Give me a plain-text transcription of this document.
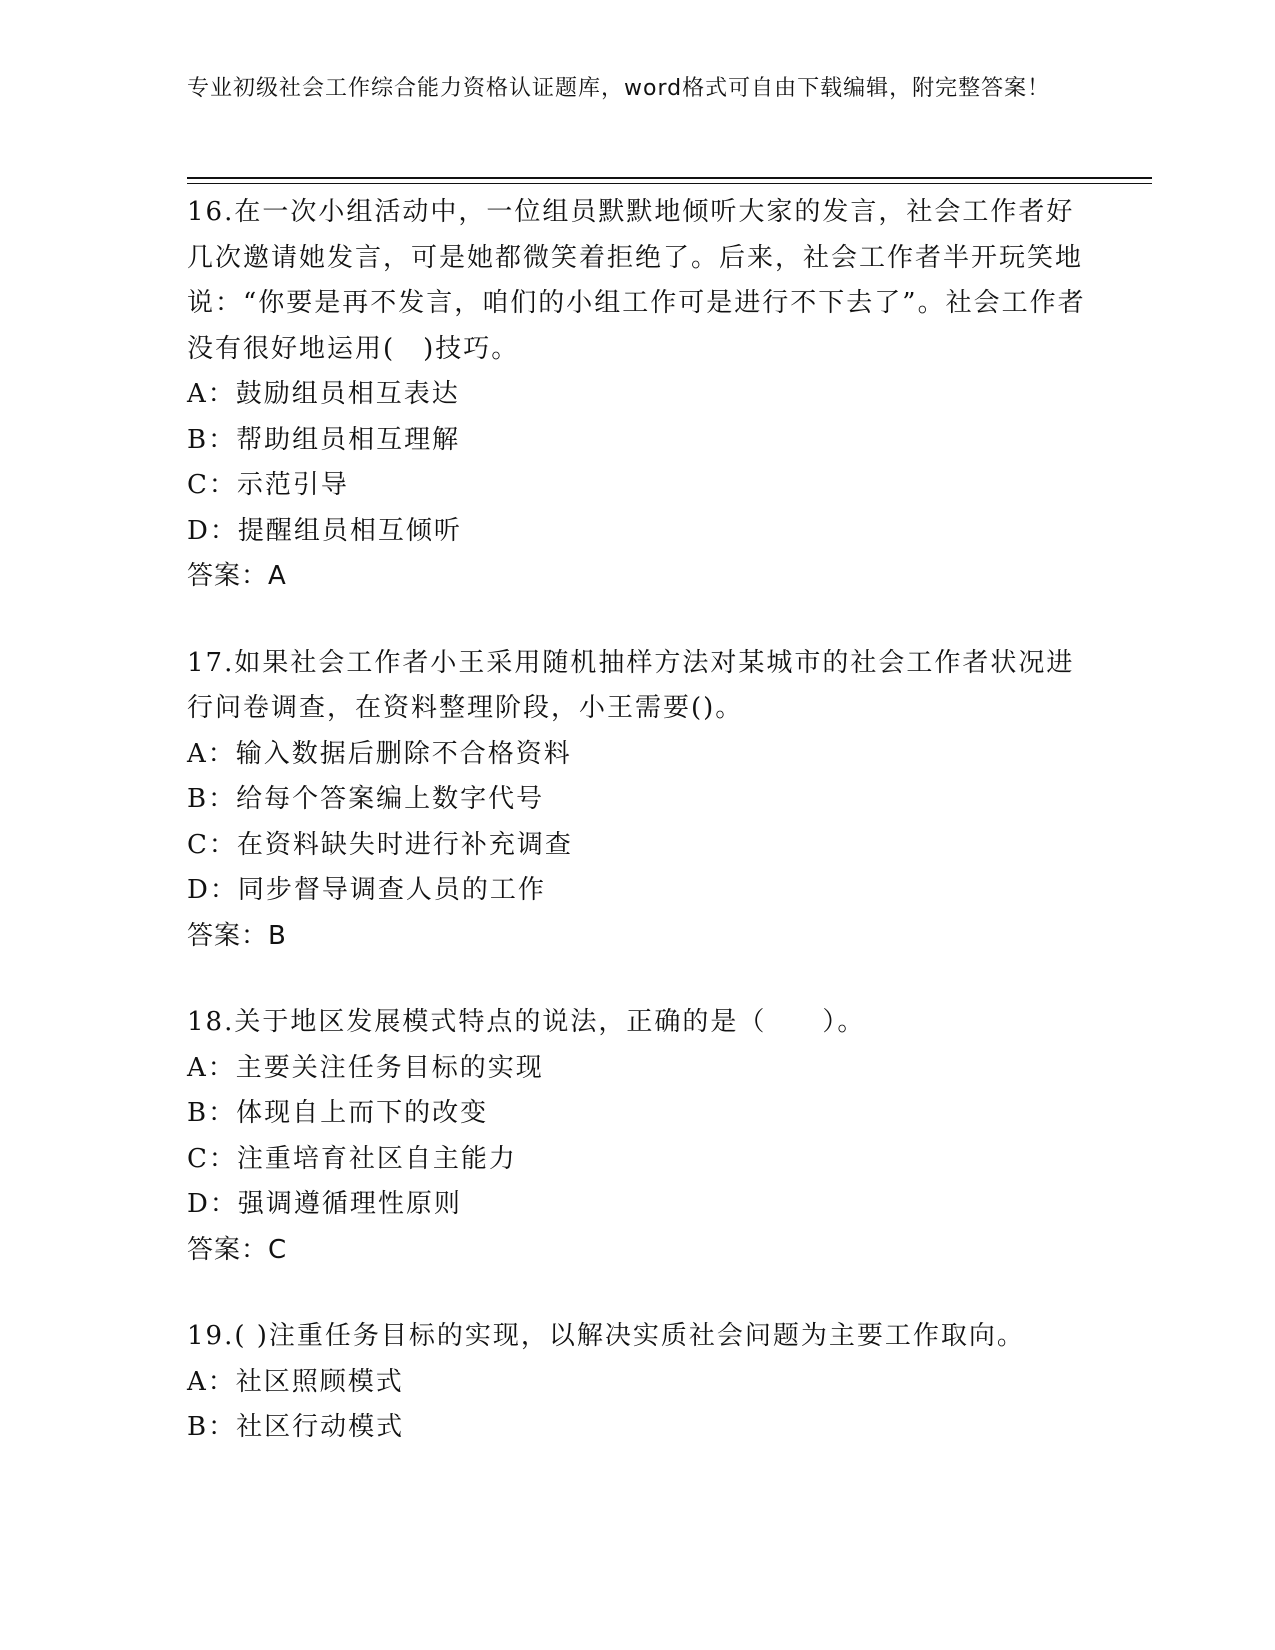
专业初级社会工作综合能力资格认证题库，word格式可自由下载编辑，附完整答案！
16.在一次小组活动中，一位组员默默地倾听大家的发言，社会工作者好几次邀请她发言，可是她都微笑着拒绝了。后来，社会工作者半开玩笑地说：“你要是再不发言，咱们的小组工作可是进行不下去了”。社会工作者没有很好地运用(　)技巧。
A：鼓励组员相互表达
B：帮助组员相互理解
C：示范引导
D：提醒组员相互倾听
答案：A
17.如果社会工作者小王采用随机抽样方法对某城市的社会工作者状况进行问卷调查，在资料整理阶段，小王需要()。
A：输入数据后删除不合格资料
B：给每个答案编上数字代号
C：在资料缺失时进行补充调查
D：同步督导调查人员的工作
答案：B
18.关于地区发展模式特点的说法，正确的是（　　）。
A：主要关注任务目标的实现
B：体现自上而下的改变
C：注重培育社区自主能力
D：强调遵循理性原则
答案：C
19.( )注重任务目标的实现，以解决实质社会问题为主要工作取向。
A：社区照顾模式
B：社区行动模式
